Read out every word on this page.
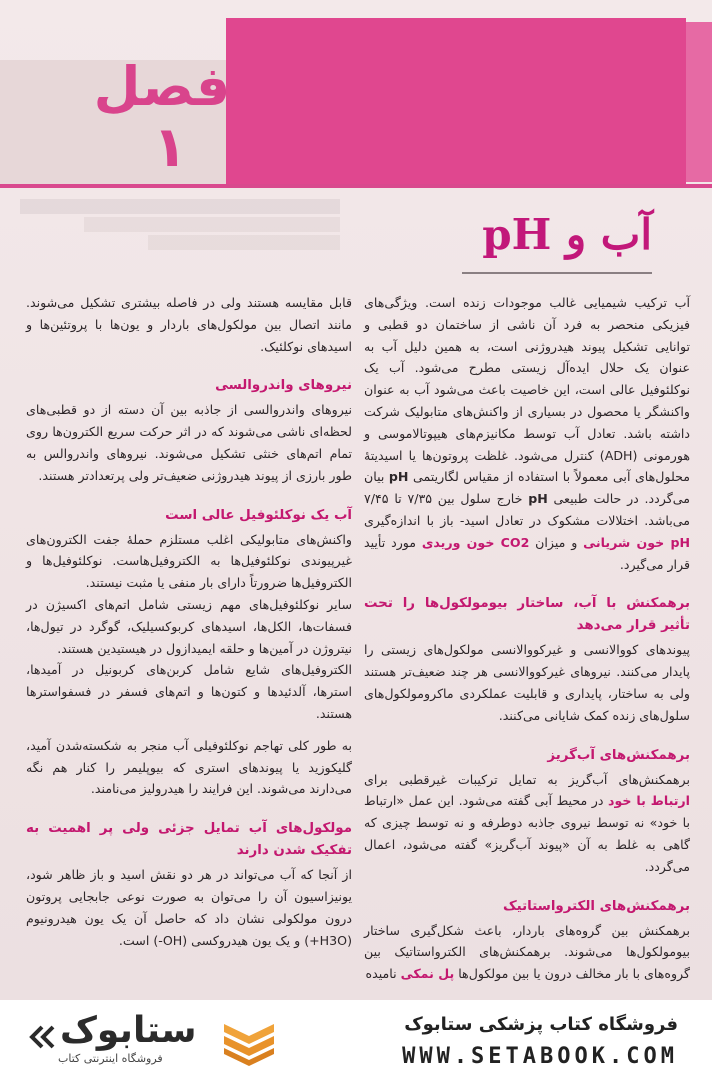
فصل
۱
آب و pH

آب ترکیب شیمیایی غالب موجودات زنده است. ویژگی‌های فیزیکی منحصر به فرد آن ناشی از ساختمان دو قطبی و توانایی تشکیل پیوند هیدروژنی است، به همین دلیل آب به عنوان یک حلال ایده‌آل زیستی مطرح می‌شود. آب یک نوکلئوفیل عالی است، این خاصیت باعث می‌شود آب به عنوان واکنشگر یا محصول در بسیاری از واکنش‌های متابولیک شرکت داشته باشد. تعادل آب توسط مکانیزم‌های هیپوتالاموسی و هورمونی (ADH) کنترل می‌شود. غلظت پروتون‌ها یا اسیدیتهٔ محلول‌های آبی معمولاً با استفاده از مقیاس لگاریتمی pH بیان می‌گردد. در حالت طبیعی pH خارج سلول بین ۷/۳۵ تا ۷/۴۵ می‌باشد. اختلالات مشکوک در تعادل اسید- باز با اندازه‌گیری pH خون شریانی و میزان CO2 خون وریدی مورد تأیید قرار می‌گیرد.

برهمکنش با آب، ساختار بیومولکول‌ها را تحت تأثیر قرار می‌دهد

پیوندهای کووالانسی و غیرکووالانسی مولکول‌های زیستی را پایدار می‌کنند. نیروهای غیرکووالانسی هر چند ضعیف‌تر هستند ولی به ساختار، پایداری و قابلیت عملکردی ماکرومولکول‌های سلول‌های زنده کمک شایانی می‌کنند.

برهمکنش‌های آب‌گریز

برهمکنش‌های آب‌گریز به تمایل ترکیبات غیرقطبی برای ارتباط با خود در محیط آبی گفته می‌شود. این عمل «ارتباط با خود» نه توسط نیروی جاذبه دوطرفه و نه توسط چیزی که گاهی به غلط به آن «پیوند آب‌گریز» گفته می‌شود، اعمال می‌گردد.

برهمکنش‌های الکترواستاتیک

برهمکنش بین گروه‌های باردار، باعث شکل‌گیری ساختار بیومولکول‌ها می‌شوند. برهمکنش‌های الکترواستاتیک بین گروه‌های با بار مخالف درون یا بین مولکول‌ها پل نمکی نامیده

قابل مقایسه هستند ولی در فاصله بیشتری تشکیل می‌شوند. مانند اتصال بین مولکول‌های باردار و یون‌ها با پروتئین‌ها و اسیدهای نوکلئیک.

نیروهای واندروالسی

نیروهای واندروالسی از جاذبه بین آن دسته از دو قطبی‌های لحظه‌ای ناشی می‌شوند که در اثر حرکت سریع الکترون‌ها روی تمام اتم‌های خنثی تشکیل می‌شوند. نیروهای واندروالس به طور بارزی از پیوند هیدروژنی ضعیف‌تر ولی پرتعدادتر هستند.

آب یک نوکلئوفیل عالی است

واکنش‌های متابولیکی اغلب مستلزم حملهٔ جفت الکترون‌های غیرپیوندی نوکلئوفیل‌ها به الکتروفیل‌هاست. نوکلئوفیل‌ها و الکتروفیل‌ها ضرورتاً دارای بار منفی یا مثبت نیستند.

سایر نوکلئوفیل‌های مهم زیستی شامل اتم‌های اکسیژن در فسفات‌ها، الکل‌ها، اسیدهای کربوکسیلیک، گوگرد در تیول‌ها، نیتروژن در آمین‌ها و حلقه ایمیدازول در هیستیدین هستند.

الکتروفیل‌های شایع شامل کربن‌های کربونیل در آمیدها، استرها، آلدئیدها و کتون‌ها و اتم‌های فسفر در فسفواسترها هستند.

به طور کلی تهاجم نوکلئوفیلی آب منجر به شکسته‌شدن آمید، گلیکوزید یا پیوندهای استری که بیوپلیمر را کنار هم نگه می‌دارند می‌شوند. این فرایند را هیدرولیز می‌نامند.

مولکول‌های آب تمایل جزئی ولی پر اهمیت به تفکیک شدن دارند

از آنجا که آب می‌تواند در هر دو نقش اسید و باز ظاهر شود، یونیزاسیون آن را می‌توان به صورت نوعی جابجایی پروتون درون مولکولی نشان داد که حاصل آن یک یون هیدرونیوم (H3O+) و یک یون هیدروکسی (OH-) است.

ستابوک
فروشگاه اینترنتی کتاب
فروشگاه کتاب پزشکی ستابوک
WWW.SETABOOK.COM
